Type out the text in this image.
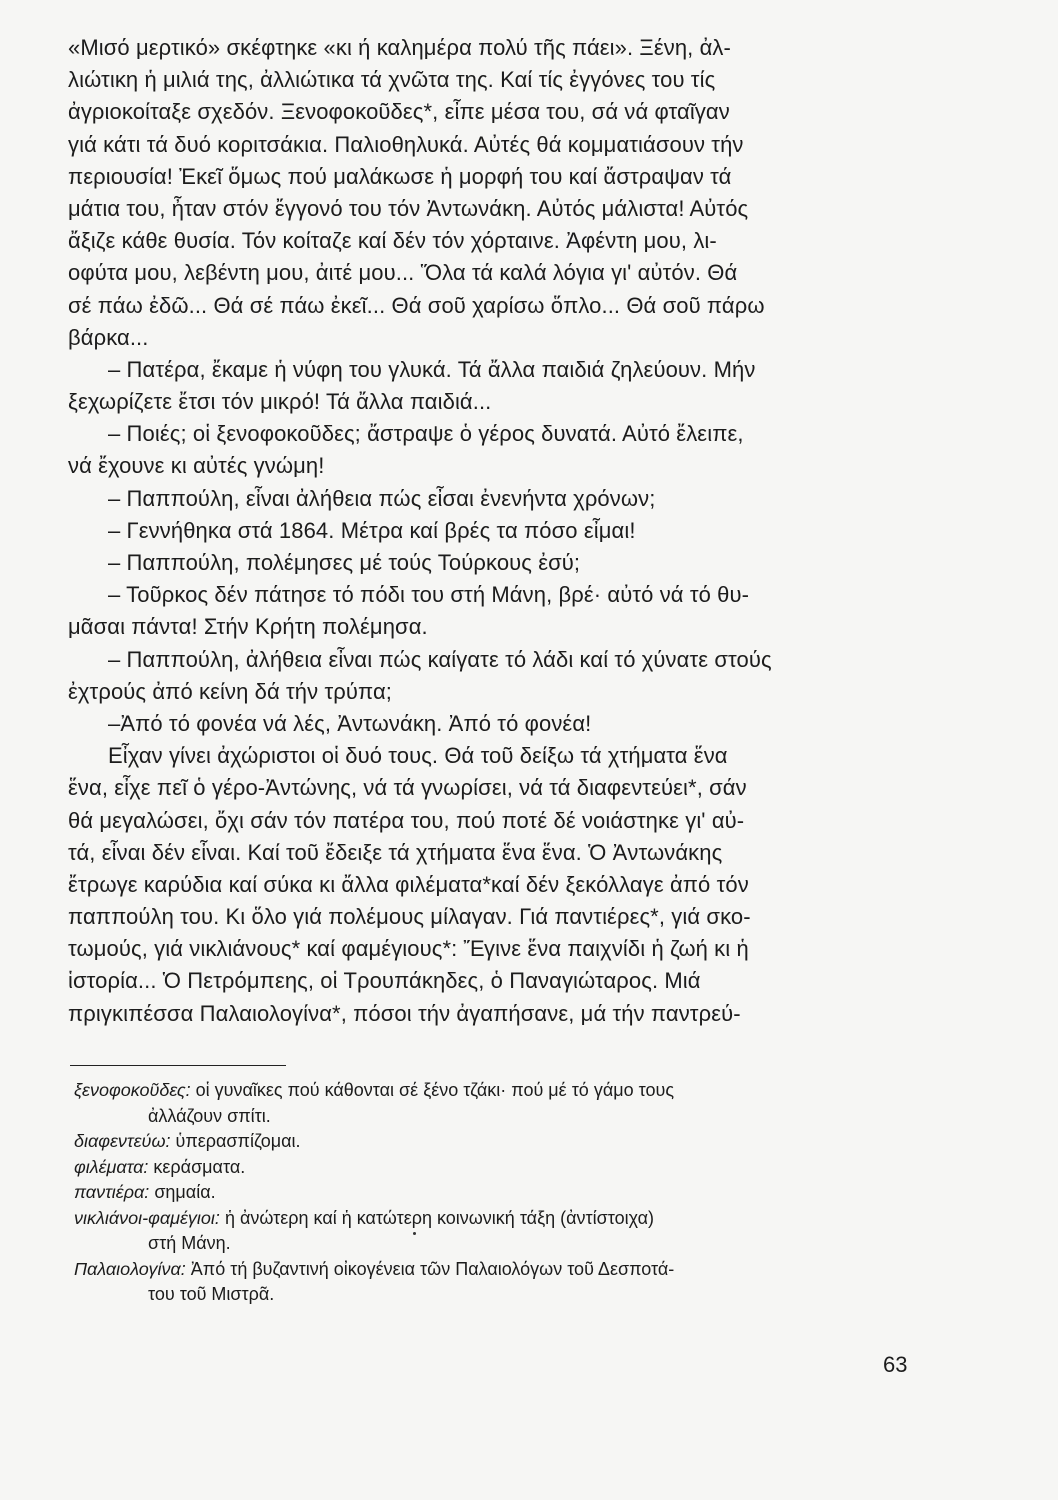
«Μισό μερτικό» σκέφτηκε «κι ή καλημέρα πολύ τῆς πάει». Ξένη, ἀλ-
λιώτικη ἡ μιλιά της, ἀλλιώτικα τά χνῶτα της. Καί τίς ἐγγόνες του τίς
ἀγριοκοίταξε σχεδόν. Ξενοφοκοῦδες*, εἶπε μέσα του, σά νά φταῖγαν
γιά κάτι τά δυό κοριτσάκια. Παλιοθηλυκά. Αὐτές θά κομματιάσουν τήν
περιουσία! Ἐκεῖ ὅμως πού μαλάκωσε ἡ μορφή του καί ἄστραψαν τά
μάτια του, ἦταν στόν ἔγγονό του τόν Ἀντωνάκη. Αὐτός μάλιστα! Αὐτός
ἄξιζε κάθε θυσία. Τόν κοίταζε καί δέν τόν χόρταινε. Ἀφέντη μου, λι-
οφύτα μου, λεβέντη μου, ἀιτέ μου... Ὅλα τά καλά λόγια γι' αὐτόν. Θά
σέ πάω ἐδῶ... Θά σέ πάω ἐκεῖ... Θά σοῦ χαρίσω ὅπλο... Θά σοῦ πάρω
βάρκα...
– Πατέρα, ἔκαμε ἡ νύφη του γλυκά. Τά ἄλλα παιδιά ζηλεύουν. Μήν
ξεχωρίζετε ἔτσι τόν μικρό! Τά ἄλλα παιδιά...
– Ποιές; οἱ ξενοφοκοῦδες; ἄστραψε ὁ γέρος δυνατά. Αὐτό ἔλειπε,
νά ἔχουνε κι αὐτές γνώμη!
– Παππούλη, εἶναι ἀλήθεια πώς εἶσαι ἐνενήντα χρόνων;
– Γεννήθηκα στά 1864. Μέτρα καί βρές τα πόσο εἶμαι!
– Παππούλη, πολέμησες μέ τούς Τούρκους ἐσύ;
– Τοῦρκος δέν πάτησε τό πόδι του στή Μάνη, βρέ· αὐτό νά τό θυ-
μᾶσαι πάντα! Στήν Κρήτη πολέμησα.
– Παππούλη, ἀλήθεια εἶναι πώς καίγατε τό λάδι καί τό χύνατε στούς
ἐχτρούς ἀπό κείνη δά τήν τρύπα;
–Ἀπό τό φονέα νά λές, Ἀντωνάκη. Ἀπό τό φονέα!
Εἶχαν γίνει ἀχώριστοι οἱ δυό τους. Θά τοῦ δείξω τά χτήματα ἕνα
ἕνα, εἶχε πεῖ ὁ γέρο-Ἀντώνης, νά τά γνωρίσει, νά τά διαφεντεύει*, σάν
θά μεγαλώσει, ὄχι σάν τόν πατέρα του, πού ποτέ δέ νοιάστηκε γι' αὐ-
τά, εἶναι δέν εἶναι. Καί τοῦ ἔδειξε τά χτήματα ἕνα ἕνα. Ὁ Ἀντωνάκης
ἔτρωγε καρύδια καί σύκα κι ἄλλα φιλέματα*καί δέν ξεκόλλαγε ἀπό τόν
παππούλη του. Κι ὅλο γιά πολέμους μίλαγαν. Γιά παντιέρες*, γιά σκο-
τωμούς, γιά νικλιάνους* καί φαμέγιους*: Ἔγινε ἕνα παιχνίδι ἡ ζωή κι ἡ
ἱστορία... Ὁ Πετρόμπεης, οἱ Τρουπάκηδες, ὁ Παναγιώταρος. Μιά
πριγκιπέσσα Παλαιολογίνα*, πόσοι τήν ἀγαπήσανε, μά τήν παντρεύ-
ξενοφοκοῦδες: οἱ γυναῖκες πού κάθονται σέ ξένο τζάκι· πού μέ τό γάμο τους
ἀλλάζουν σπίτι.
διαφεντεύω: ὑπερασπίζομαι.
φιλέματα: κεράσματα.
παντιέρα: σημαία.
νικλιάνοι-φαμέγιοι: ἡ ἀνώτερη καί ἡ κατώτερη κοινωνική τάξη (ἀντίστοιχα)
στή Μάνη.
Παλαιολογίνα: Ἀπό τή βυζαντινή οἰκογένεια τῶν Παλαιολόγων τοῦ Δεσποτά-
του τοῦ Μιστρᾶ.
63
